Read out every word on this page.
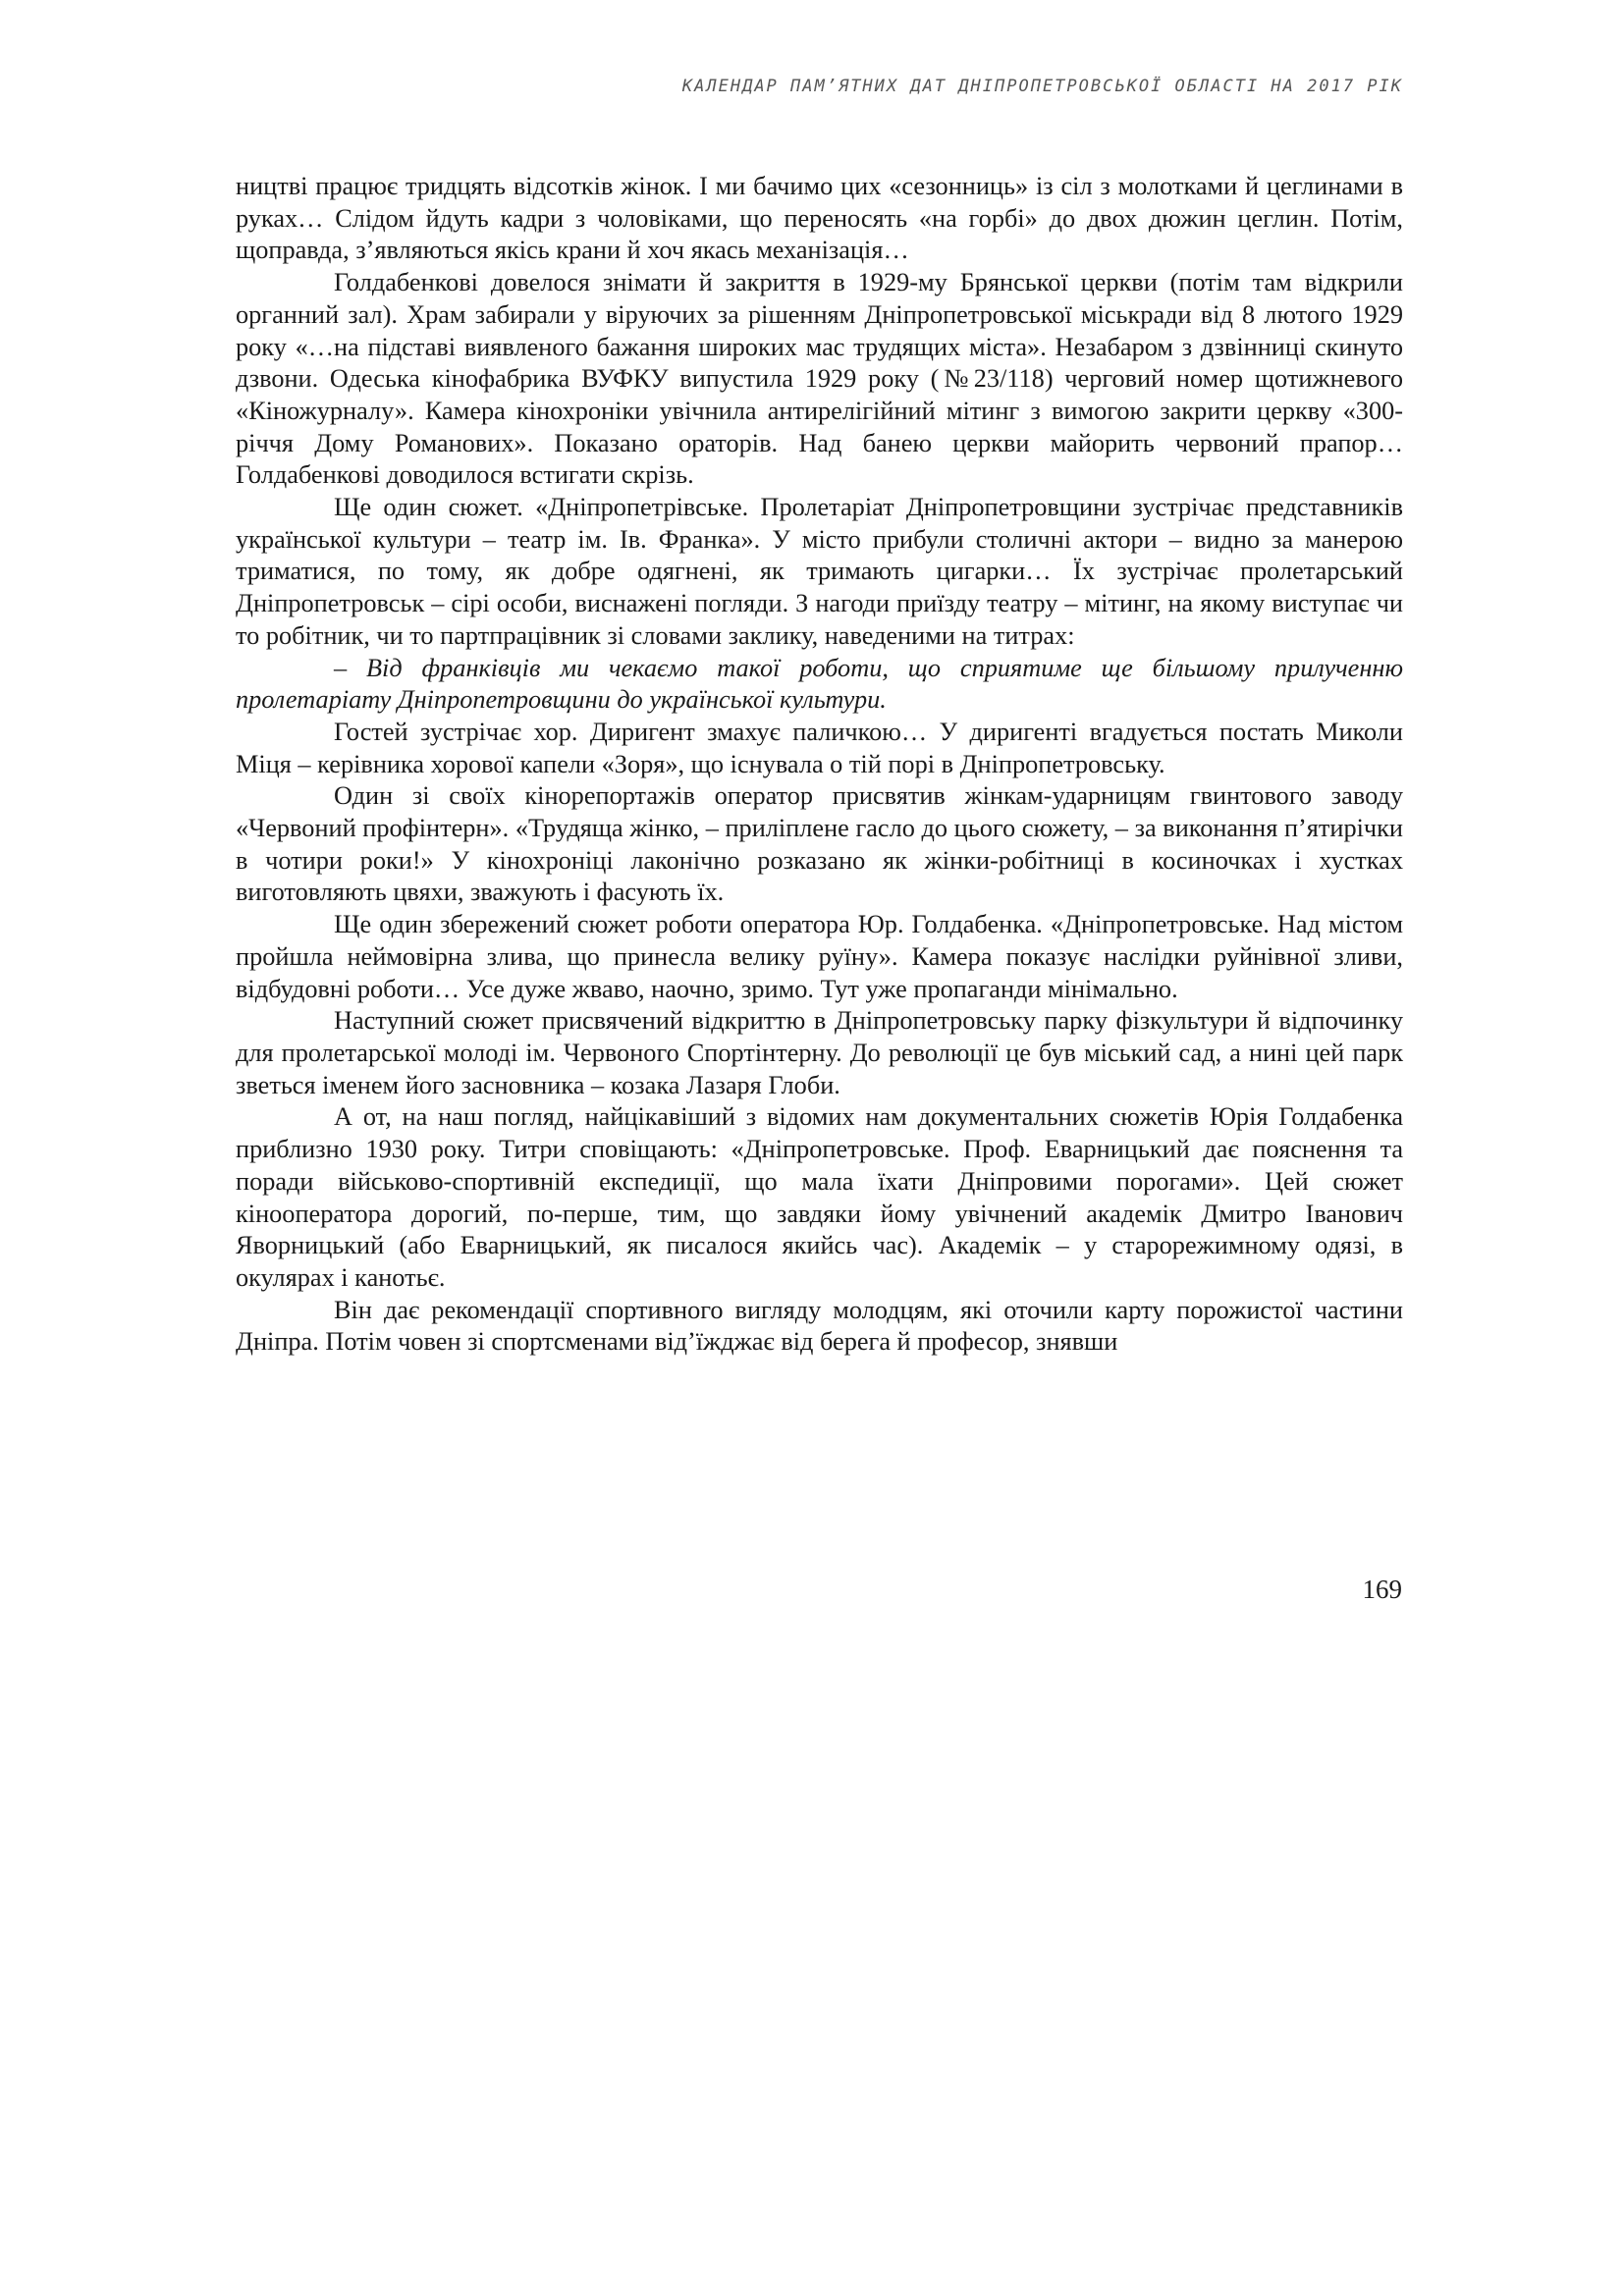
КАЛЕНДАР ПАМ’ЯТНИХ ДАТ ДНІПРОПЕТРОВСЬКОЇ ОБЛАСТІ НА 2017 РІК

ництві працює тридцять відсотків жінок. І ми бачимо цих «сезонниць» із сіл з молотками й цеглинами в руках… Слідом йдуть кадри з чоловіками, що переносять «на горбі» до двох дюжин цеглин. Потім, щоправда, з’являються якісь крани й хоч якась механізація…

Голдабенкові довелося знімати й закриття в 1929-му Брянської церкви (потім там відкрили органний зал). Храм забирали у віруючих за рішенням Дніпропетровської міськради від 8 лютого 1929 року «…на підставі виявленого бажання широких мас трудящих міста». Незабаром з дзвінниці скинуто дзвони. Одеська кінофабрика ВУФКУ випустила 1929 року (№23/118) черговий номер щотижневого «Кіножурналу». Камера кінохроніки увічнила антирелігійний мітинг з вимогою закрити церкву «300-річчя Дому Романових». Показано ораторів. Над банею церкви майорить червоний прапор… Голдабенкові доводилося встигати скрізь.

Ще один сюжет. «Дніпропетрівське. Пролетаріат Дніпропетровщини зустрічає представників української культури – театр ім. Ів. Франка». У місто прибули столичні актори – видно за манерою триматися, по тому, як добре одягнені, як тримають цигарки… Їх зустрічає пролетарський Дніпропетровськ – сірі особи, виснажені погляди. З нагоди приїзду театру – мітинг, на якому виступає чи то робітник, чи то партпрацівник зі словами заклику, наведеними на титрах:

– Від франківців ми чекаємо такої роботи, що сприятиме ще більшому прилученню пролетаріату Дніпропетровщини до української культури.

Гостей зустрічає хор. Диригент змахує паличкою… У диригенті вгадується постать Миколи Міця – керівника хорової капели «Зоря», що існувала о тій порі в Дніпропетровську.

Один зі своїх кінорепортажів оператор присвятив жінкам-ударницям гвинтового заводу «Червоний профінтерн». «Трудяща жінко, – приліплене гасло до цього сюжету, – за виконання п’ятирічки в чотири роки!» У кінохроніці лаконічно розказано як жінки-робітниці в косиночках і хустках виготовляють цвяхи, зважують і фасують їх.

Ще один збережений сюжет роботи оператора Юр. Голдабенка. «Дніпропетровське. Над містом пройшла неймовірна злива, що принесла велику руїну». Камера показує наслідки руйнівної зливи, відбудовні роботи… Усе дуже жваво, наочно, зримо. Тут уже пропаганди мінімально.

Наступний сюжет присвячений відкриттю в Дніпропетровську парку фізкультури й відпочинку для пролетарської молоді ім. Червоного Спортінтерну. До революції це був міський сад, а нині цей парк зветься іменем його засновника – козака Лазаря Глоби.

А от, на наш погляд, найцікавіший з відомих нам документальних сюжетів Юрія Голдабенка приблизно 1930 року. Титри сповіщають: «Дніпропетровське. Проф. Еварницький дає пояснення та поради військово-спортивній експедиції, що мала їхати Дніпровими порогами». Цей сюжет кінооператора дорогий, по-перше, тим, що завдяки йому увічнений академік Дмитро Іванович Яворницький (або Еварницький, як писалося якийсь час). Академік – у старорежимному одязі, в окулярах і канотьє.

Він дає рекомендації спортивного вигляду молодцям, які оточили карту порожистої частини Дніпра. Потім човен зі спортсменами від’їжджає від берега й професор, знявши

169
